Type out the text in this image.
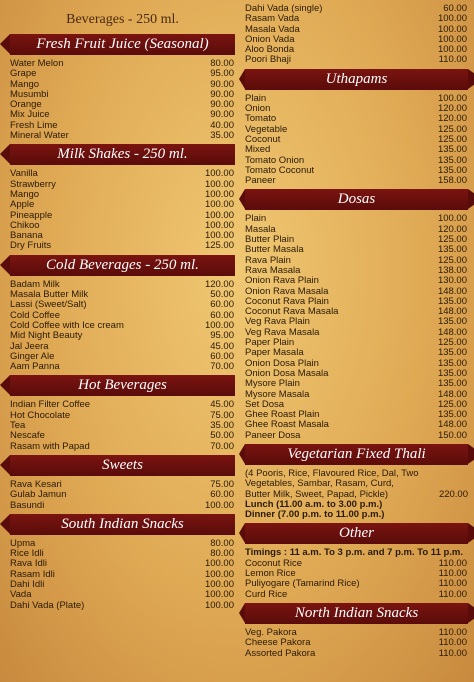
Beverages - 250 ml.
Fresh Fruit Juice (Seasonal)
Water Melon	80.00
Grape	95.00
Mango	90.00
Musumbi	90.00
Orange	90.00
Mix Juice	90.00
Fresh Lime	40.00
Mineral Water	35.00
Milk Shakes - 250 ml.
Vanilla	100.00
Strawberry	100.00
Mango	100.00
Apple	100.00
Pineapple	100.00
Chikoo	100.00
Banana	100.00
Dry Fruits	125.00
Cold Beverages - 250 ml.
Badam Milk	120.00
Masala Butter Milk	50.00
Lassi (Sweet/Salt)	60.00
Cold Coffee	60.00
Cold Coffee with Ice cream	100.00
Mid Night Beauty	95.00
Jal Jeera	45.00
Ginger Ale	60.00
Aam Panna	70.00
Hot Beverages
Indian Filter Coffee	45.00
Hot Chocolate	75.00
Tea	35.00
Nescafe	50.00
Rasam with Papad	70.00
Sweets
Rava Kesari	75.00
Gulab Jamun	60.00
Basundi	100.00
South Indian Snacks
Upma	80.00
Rice Idli	80.00
Rava Idli	100.00
Rasam Idli	100.00
Dahi Idli	100.00
Vada	100.00
Dahi Vada (Plate)	100.00
Dahi Vada (single)	60.00
Rasam Vada	100.00
Masala Vada	100.00
Onion Vada	100.00
Aloo Bonda	100.00
Poori Bhaji	110.00
Uthapams
Plain	100.00
Onion	120.00
Tomato	120.00
Vegetable	125.00
Coconut	125.00
Mixed	135.00
Tomato Onion	135.00
Tomato Coconut	135.00
Paneer	158.00
Dosas
Plain	100.00
Masala	120.00
Butter Plain	125.00
Butter Masala	135.00
Rava Plain	125.00
Rava Masala	138.00
Onion Rava Plain	130.00
Onion Rava Masala	148.00
Coconut Rava Plain	135.00
Coconut Rava Masala	148.00
Veg Rava Plain	135.00
Veg Rava Masala	148.00
Paper Plain	125.00
Paper Masala	135.00
Onion Dosa Plain	135.00
Onion Dosa Masala	135.00
Mysore Plain	135.00
Mysore Masala	148.00
Set Dosa	125.00
Ghee Roast Plain	135.00
Ghee Roast Masala	148.00
Paneer Dosa	150.00
Vegetarian Fixed Thali

(4 Pooris, Rice, Flavoured Rice, Dal, Two

Vegetables, Sambar, Rasam, Curd,

Butter Milk, Sweet, Papad, Pickle)	220.00

Lunch (11.00 a.m. to 3.00 p.m.)

Dinner (7.00 p.m. to 11.00 p.m.)

Other

Timings : 11 a.m. To 3 p.m. and 7 p.m. To 11 p.m.

Coconut Rice	110.00
Lemon Rice	110.00
Puliyogare (Tamarind Rice)	110.00
Curd Rice	110.00
North Indian Snacks
Veg. Pakora	110.00
Cheese Pakora	110.00
Assorted Pakora	110.00
